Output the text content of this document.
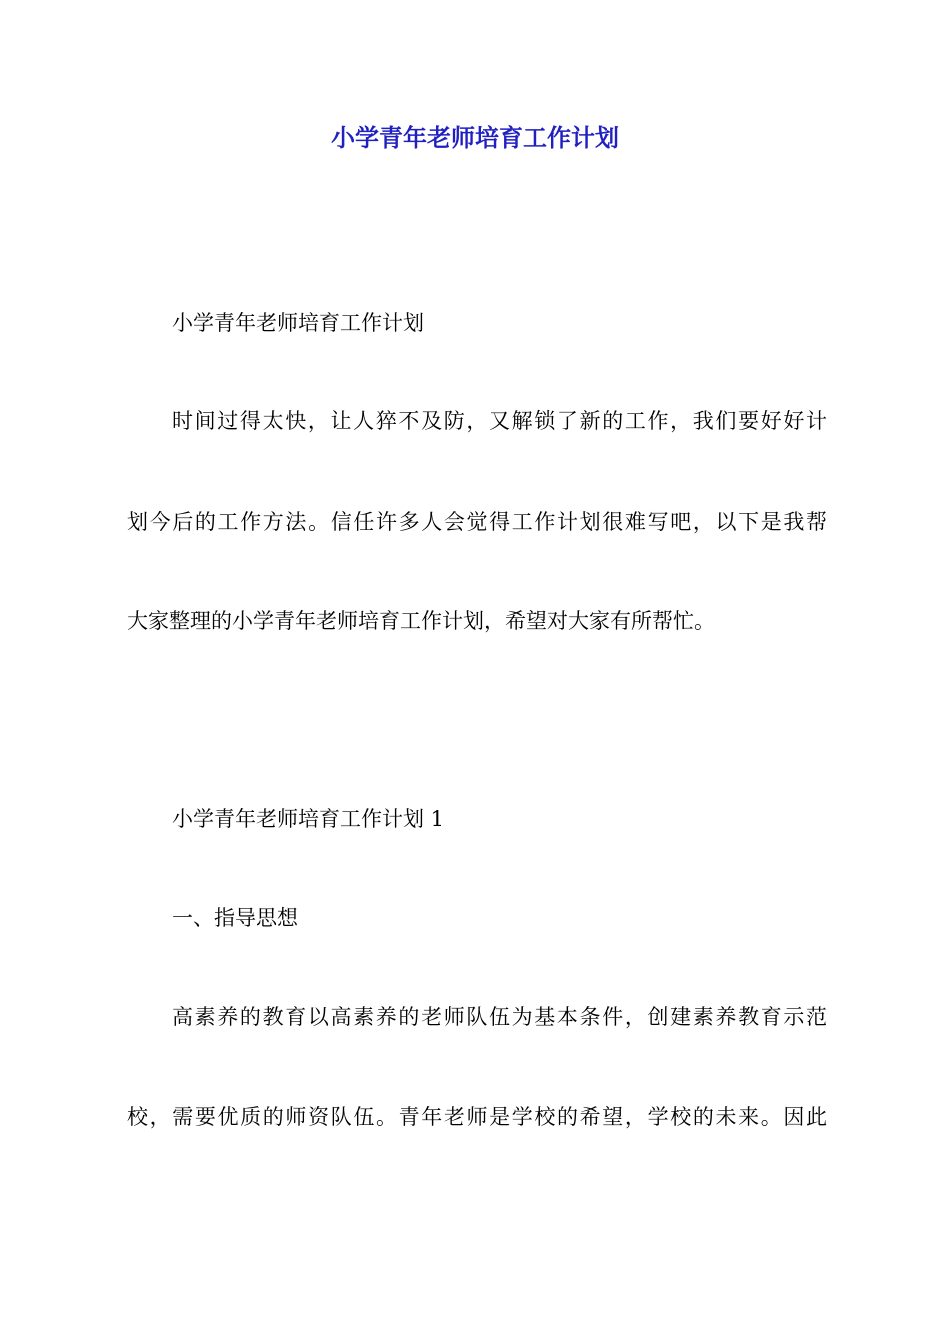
小学青年老师培育工作计划
小学青年老师培育工作计划
时间过得太快，让人猝不及防，又解锁了新的工作，我们要好好计
划今后的工作方法。信任许多人会觉得工作计划很难写吧，以下是我帮
大家整理的小学青年老师培育工作计划，希望对大家有所帮忙。
小学青年老师培育工作计划 1
一、指导思想
高素养的教育以高素养的老师队伍为基本条件，创建素养教育示范
校，需要优质的师资队伍。青年老师是学校的希望，学校的未来。因此
